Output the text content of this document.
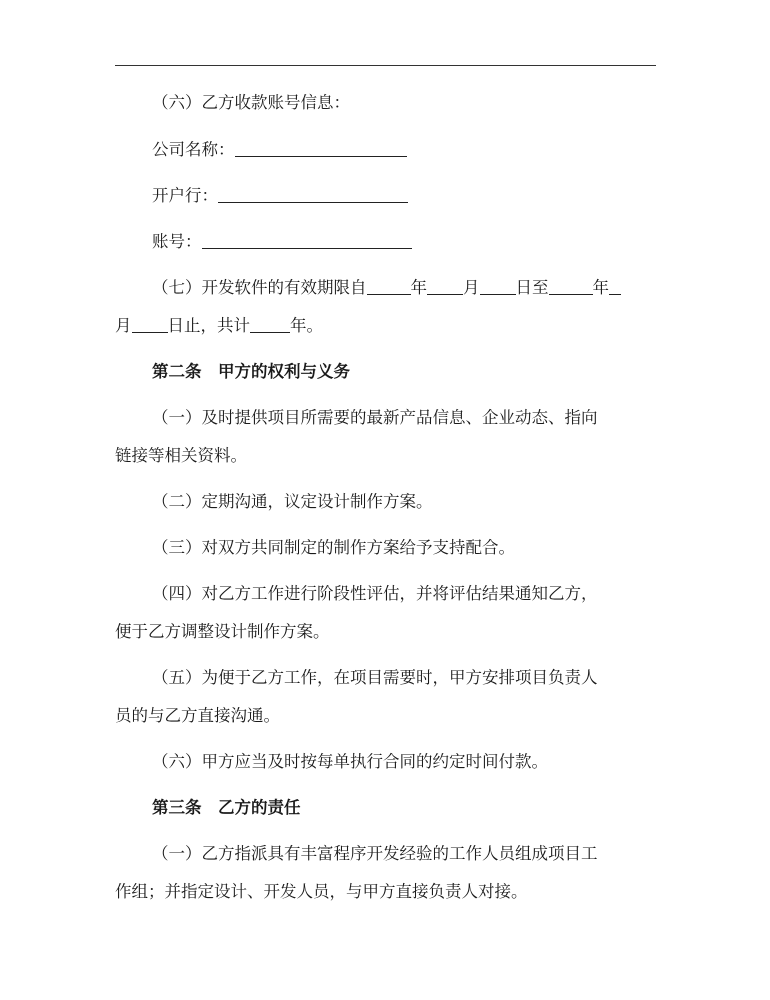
（六）乙方收款账号信息：
公司名称：
开户行：
账号：
（七）开发软件的有效期限自	年 月 日至	年
月 日止，共计 年。
第二条　甲方的权利与义务
（一）及时提供项目所需要的最新产品信息、企业动态、指向
链接等相关资料。
（二）定期沟通，议定设计制作方案。
（三）对双方共同制定的制作方案给予支持配合。
（四）对乙方工作进行阶段性评估，并将评估结果通知乙方，
便于乙方调整设计制作方案。
（五）为便于乙方工作，在项目需要时，甲方安排项目负责人
员的与乙方直接沟通。
（六）甲方应当及时按每单执行合同的约定时间付款。
第三条　乙方的责任
（一）乙方指派具有丰富程序开发经验的工作人员组成项目工
作组；并指定设计、开发人员，与甲方直接负责人对接。
